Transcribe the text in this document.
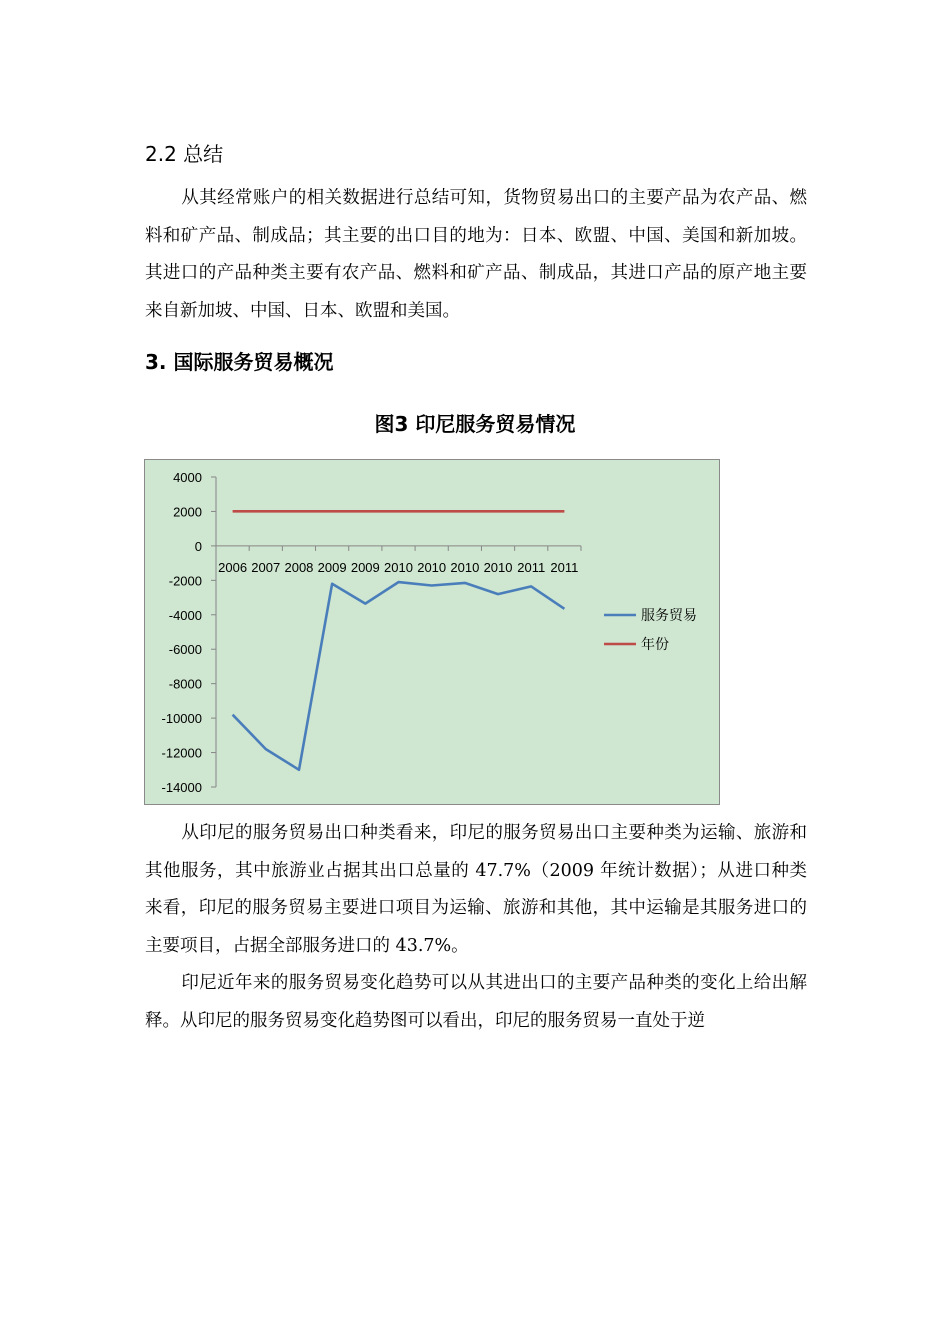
2.2 总结

从其经常账户的相关数据进行总结可知，货物贸易出口的主要产品为农产品、燃料和矿产品、制成品；其主要的出口目的地为：日本、欧盟、中国、美国和新加坡。其进口的产品种类主要有农产品、燃料和矿产品、制成品，其进口产品的原产地主要来自新加坡、中国、日本、欧盟和美国。

3. 国际服务贸易概况
图3 印尼服务贸易情况
4000
2000
0
-2000
-4000
-6000
-8000
-10000
-12000
-14000
2006 2007 2008 2009 2009 2010 2010 2010 2010 2011 2011
服务贸易
年份

从印尼的服务贸易出口种类看来，印尼的服务贸易出口主要种类为运输、旅游和其他服务，其中旅游业占据其出口总量的 47.7%（2009 年统计数据）；从进口种类来看，印尼的服务贸易主要进口项目为运输、旅游和其他，其中运输是其服务进口的主要项目，占据全部服务进口的 43.7%。

印尼近年来的服务贸易变化趋势可以从其进出口的主要产品种类的变化上给出解释。从印尼的服务贸易变化趋势图可以看出，印尼的服务贸易一直处于逆
